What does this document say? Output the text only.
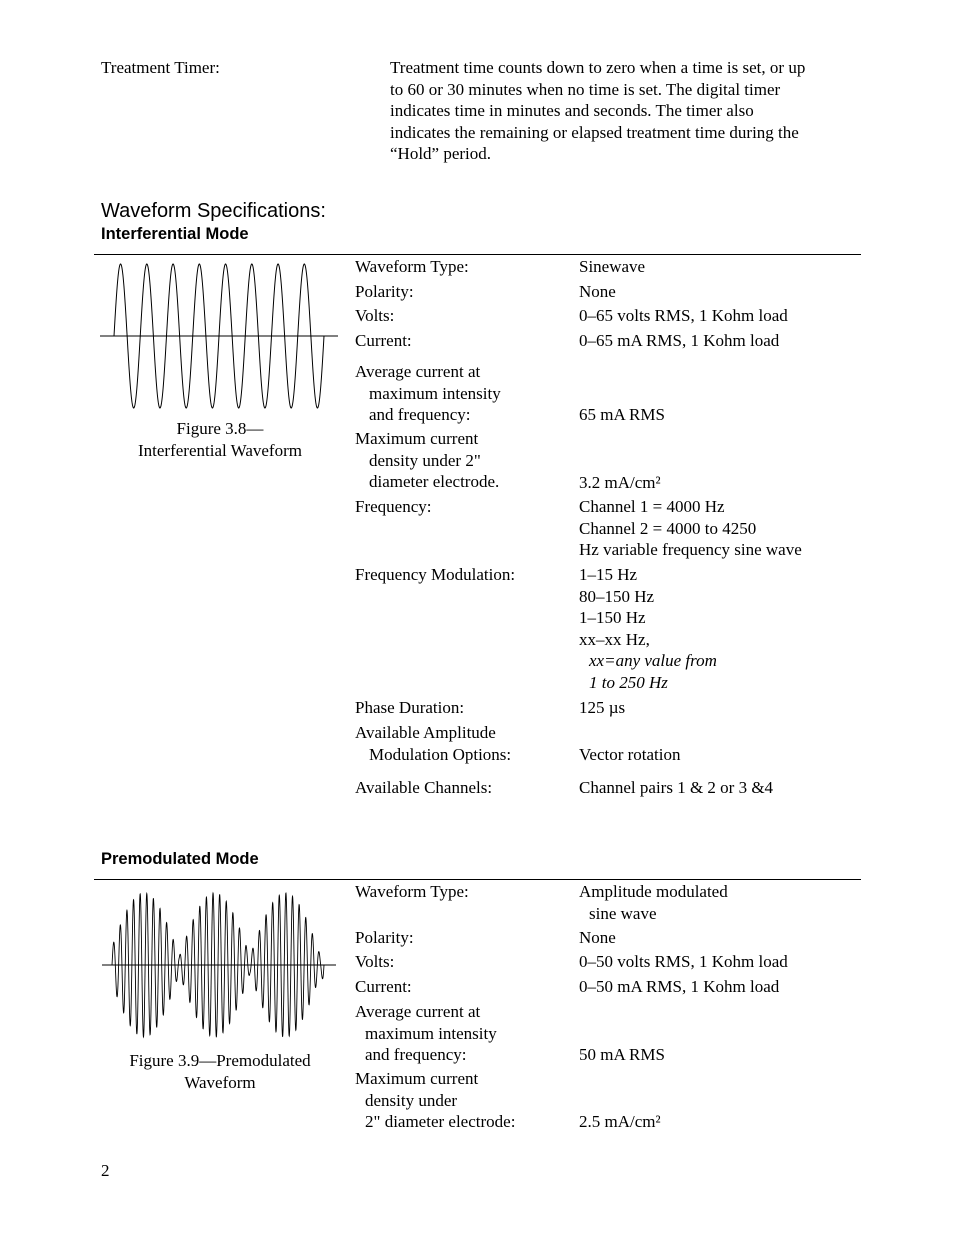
Treatment Timer:	Treatment time counts down to zero when a time is set, or up
to 60 or 30 minutes when no time is set. The digital timer
indicates time in minutes and seconds. The timer also
indicates the remaining or elapsed treatment time during the
“Hold” period.
Waveform Specifications:
Interferential Mode
Figure 3.8—
Interferential Waveform
Waveform Type:	Sinewave
Polarity:	None
Volts:	0–65 volts RMS, 1 Kohm load
Current:	0–65 mA RMS, 1 Kohm load
Average current at
maximum intensity
and frequency:	65 mA RMS
Maximum current
density under 2"
diameter electrode.	3.2 mA/cm²
Frequency:	Channel 1 = 4000 Hz
Channel 2 = 4000 to 4250
Hz variable frequency sine wave
Frequency Modulation:	1–15 Hz
80–150 Hz
1–150 Hz
xx–xx Hz,
xx=any value from
1 to 250 Hz
Phase Duration:	125 µs
Available Amplitude
Modulation Options:	Vector rotation
Available Channels:	Channel pairs 1 & 2 or 3 &4
Premodulated Mode
Figure 3.9—Premodulated
Waveform
Waveform Type:	Amplitude modulated
sine wave
Polarity:	None
Volts:	0–50 volts RMS, 1 Kohm load
Current:	0–50 mA RMS, 1 Kohm load
Average current at
maximum intensity
and frequency:	50 mA RMS
Maximum current
density under
2" diameter electrode:	2.5 mA/cm²
2
